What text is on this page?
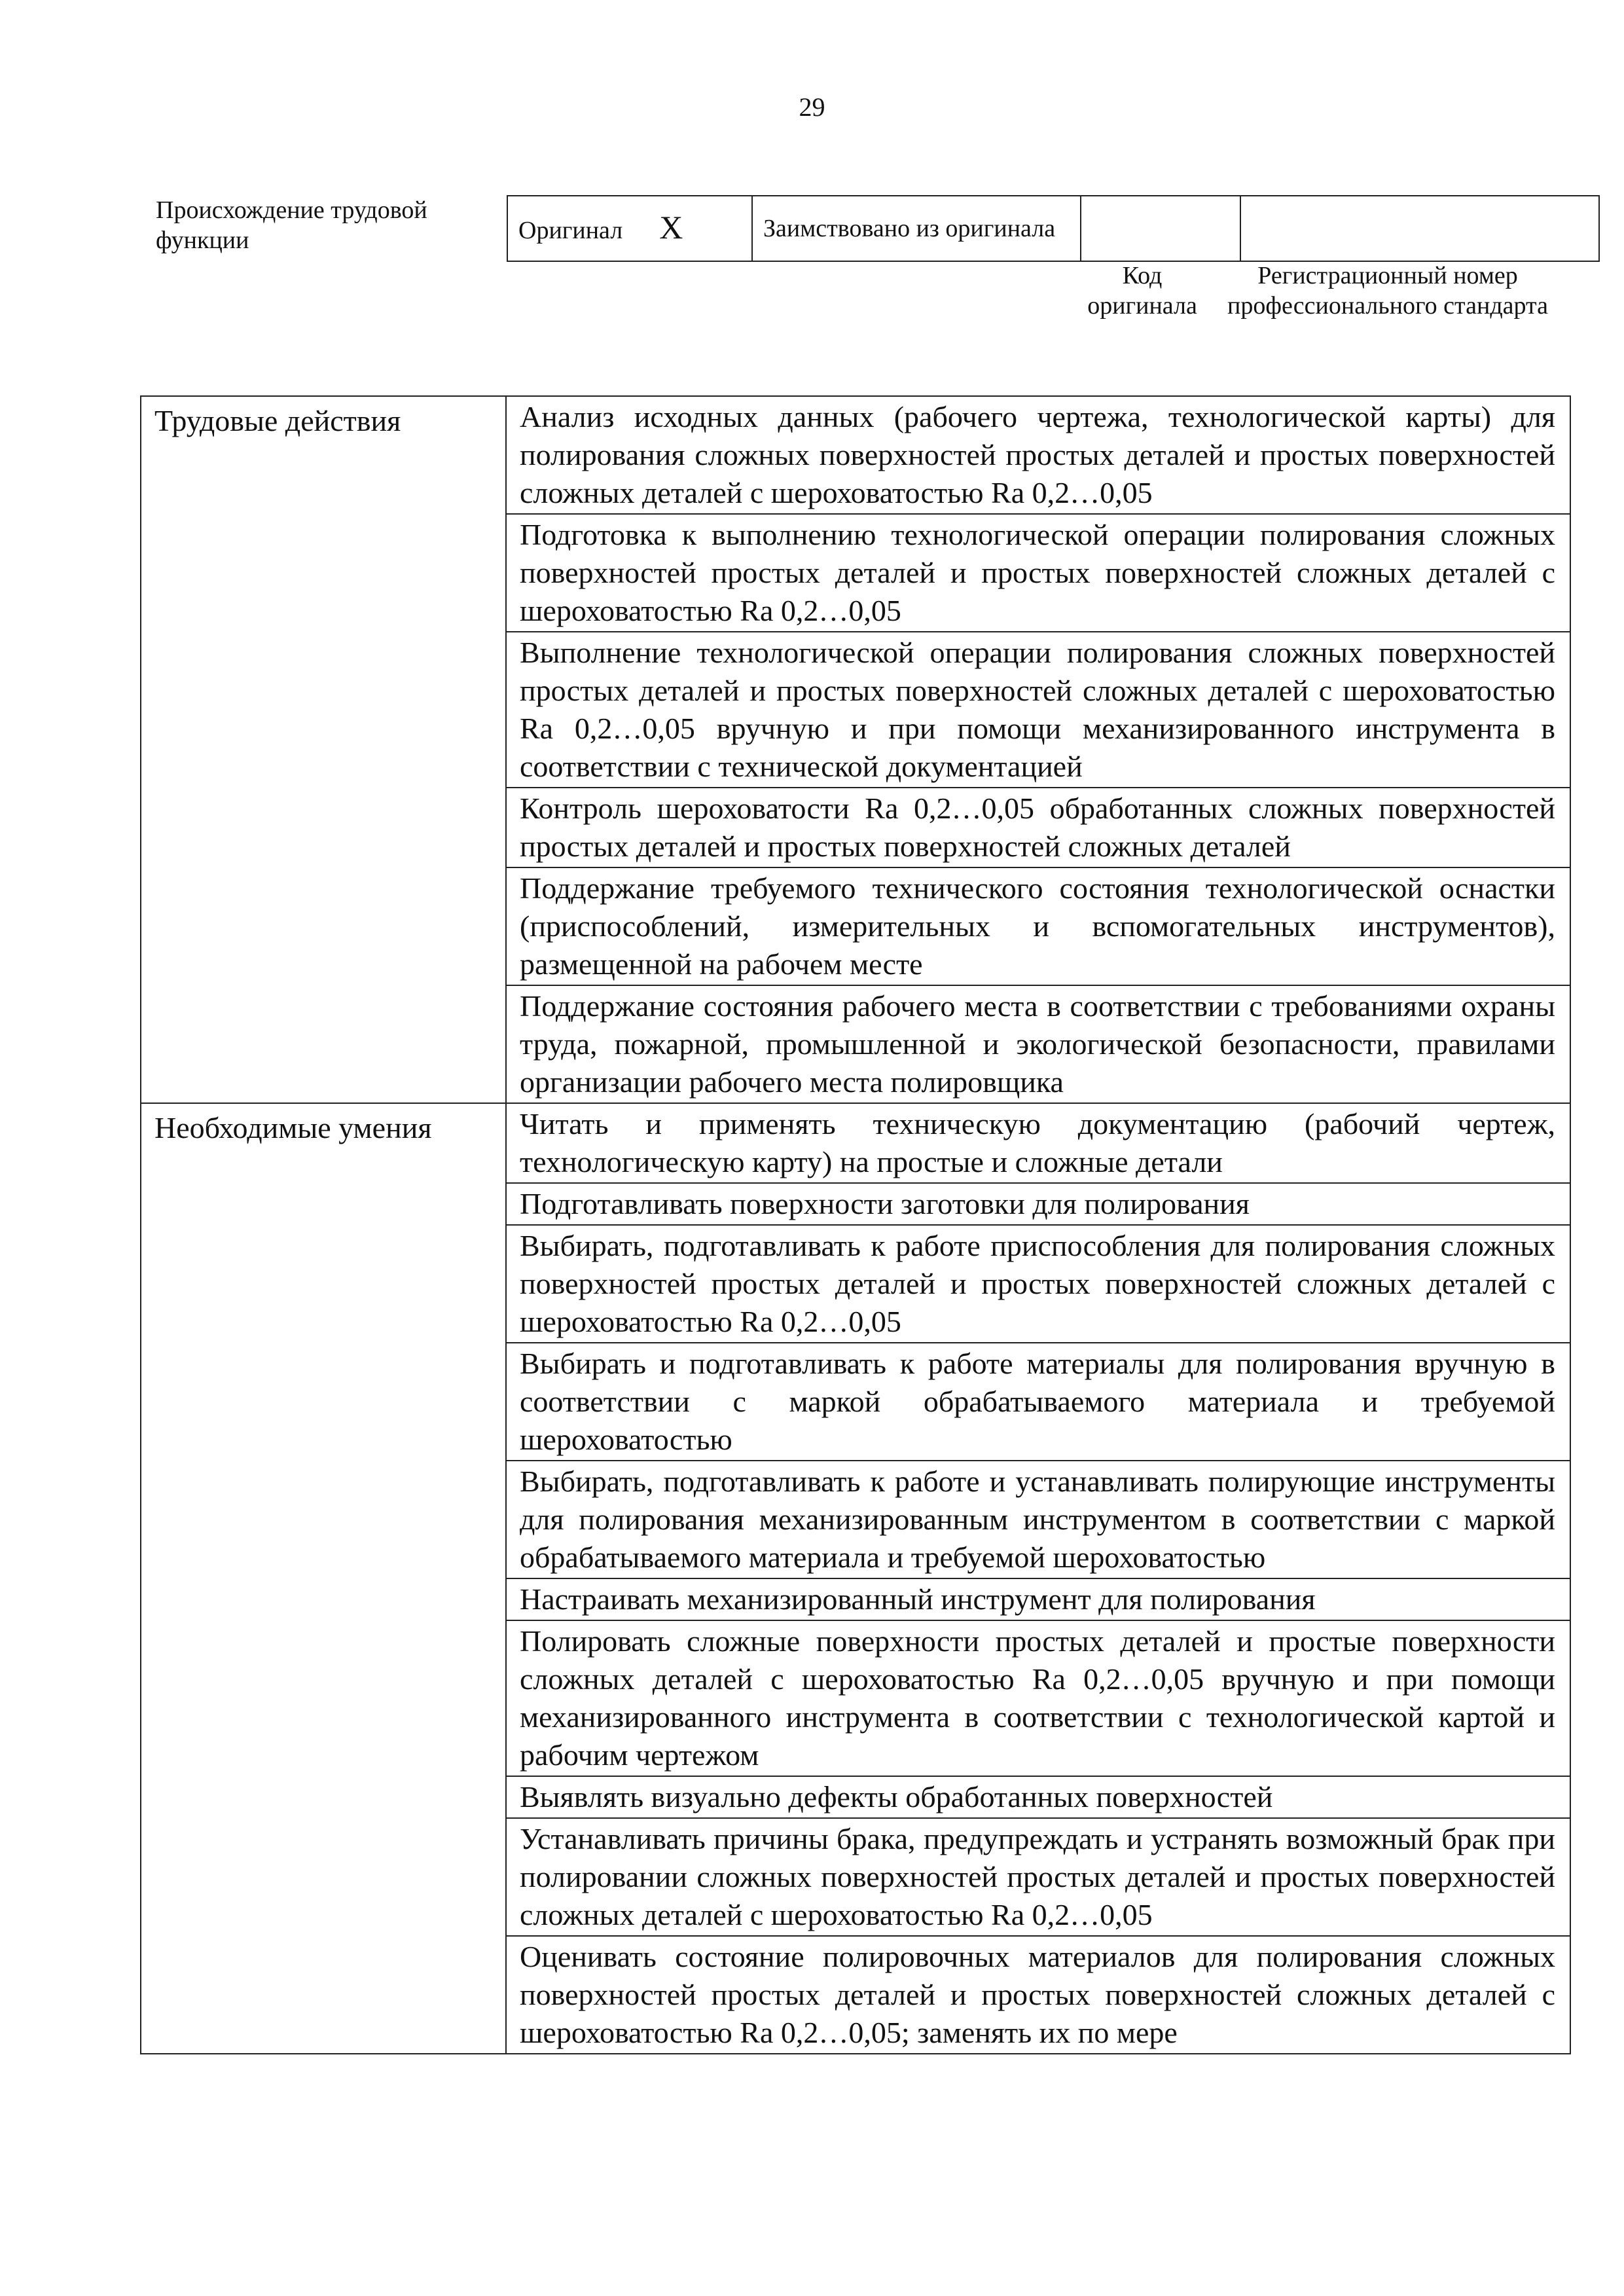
29
Происхождение трудовой функции	Оригинал X	Заимствовано из оригинала		
Код оригинала
Регистрационный номер профессионального стандарта
Трудовые действия	Анализ исходных данных (рабочего чертежа, технологической карты) для полирования сложных поверхностей простых деталей и простых поверхностей сложных деталей с шероховатостью Ra 0,2…0,05
	Подготовка к выполнению технологической операции полирования сложных поверхностей простых деталей и простых поверхностей сложных деталей с шероховатостью Ra 0,2…0,05
	Выполнение технологической операции полирования сложных поверхностей простых деталей и простых поверхностей сложных деталей с шероховатостью Ra 0,2…0,05 вручную и при помощи механизированного инструмента в соответствии с технической документацией
	Контроль шероховатости Ra 0,2…0,05 обработанных сложных поверхностей простых деталей и простых поверхностей сложных деталей
	Поддержание требуемого технического состояния технологической оснастки (приспособлений, измерительных и вспомогательных инструментов), размещенной на рабочем месте
	Поддержание состояния рабочего места в соответствии с требованиями охраны труда, пожарной, промышленной и экологической безопасности, правилами организации рабочего места полировщика
Необходимые умения	Читать и применять техническую документацию (рабочий чертеж, технологическую карту) на простые и сложные детали
	Подготавливать поверхности заготовки для полирования
	Выбирать, подготавливать к работе приспособления для полирования сложных поверхностей простых деталей и простых поверхностей сложных деталей с шероховатостью Ra 0,2…0,05
	Выбирать и подготавливать к работе материалы для полирования вручную в соответствии с маркой обрабатываемого материала и требуемой шероховатостью
	Выбирать, подготавливать к работе и устанавливать полирующие инструменты для полирования механизированным инструментом в соответствии с маркой обрабатываемого материала и требуемой шероховатостью
	Настраивать механизированный инструмент для полирования
	Полировать сложные поверхности простых деталей и простые поверхности сложных деталей с шероховатостью Ra 0,2…0,05 вручную и при помощи механизированного инструмента в соответствии с технологической картой и рабочим чертежом
	Выявлять визуально дефекты обработанных поверхностей
	Устанавливать причины брака, предупреждать и устранять возможный брак при полировании сложных поверхностей простых деталей и простых поверхностей сложных деталей с шероховатостью Ra 0,2…0,05
	Оценивать состояние полировочных материалов для полирования сложных поверхностей простых деталей и простых поверхностей сложных деталей с шероховатостью Ra 0,2…0,05; заменять их по мере
